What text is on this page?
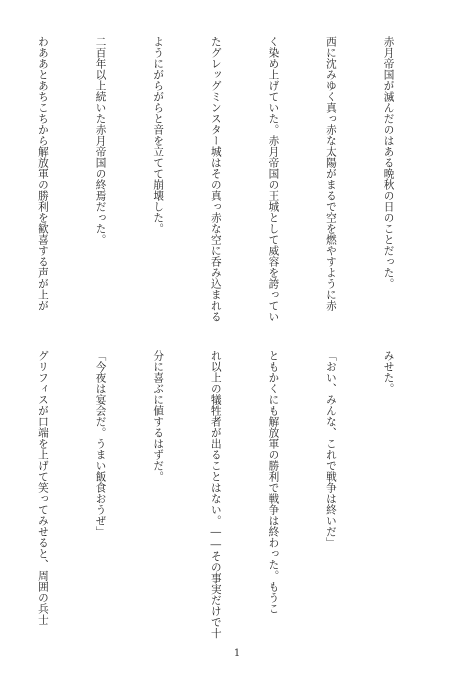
赤月帝国が滅んだのはある晩秋の日のことだった。

西に沈みゆく真っ赤な太陽がまるで空を燃やすように赤

く染め上げていた。赤月帝国の王城として威容を誇ってい

たグレッグミンスター城はその真っ赤な空に呑み込まれる

ようにがらがらと音を立てて崩壊した。

二百年以上続いた赤月帝国の終焉だった。

わああとあちこちから解放軍の勝利を歓喜する声が上が

みせた。

「おい、みんな、これで戦争は終いだ」

ともかくにも解放軍の勝利で戦争は終わった。もうこ

れ以上の犠牲者が出ることはない。――その事実だけで十

分に喜ぶに値するはずだ。

「今夜は宴会だ。うまい飯食おうぜ」

グリフィスが口端を上げて笑ってみせると、周囲の兵士

1
